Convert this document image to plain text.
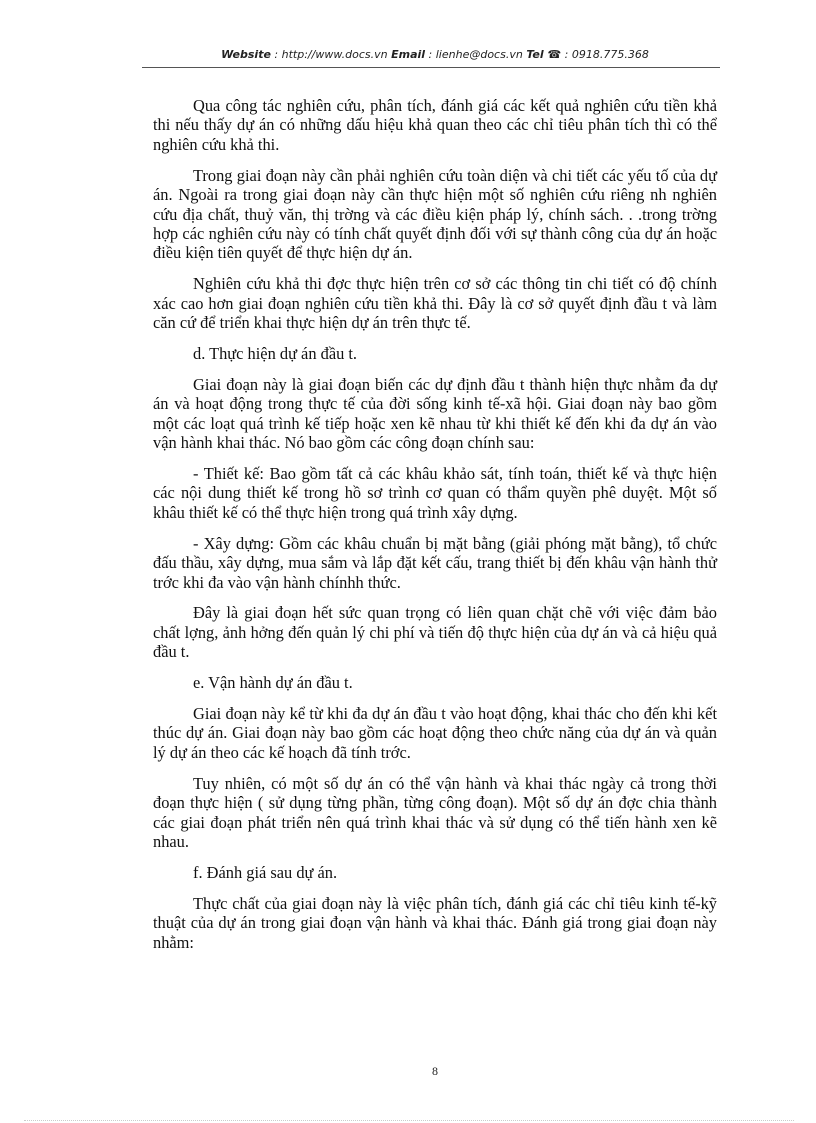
Website : http://www.docs.vn Email : lienhe@docs.vn Tel ☎ : 0918.775.368

Qua công tác nghiên cứu, phân tích, đánh giá các kết quả nghiên cứu tiền khả thi nếu thấy dự án có những dấu hiệu khả quan theo các chỉ tiêu phân tích thì có thể nghiên cứu khả thi.

Trong giai đoạn này cần phải nghiên cứu toàn diện và chi tiết các yếu tố của dự án. Ngoài ra trong giai đoạn này cần thực hiện một số nghiên cứu riêng nh nghiên cứu địa chất, thuỷ văn, thị trờng và các điều kiện pháp lý, chính sách. . .trong trờng hợp các nghiên cứu này có tính chất quyết định đối với sự thành công của dự án hoặc điều kiện tiên quyết để thực hiện dự án.

Nghiên cứu khả thi đợc thực hiện trên cơ sở các thông tin chi tiết có độ chính xác cao hơn giai đoạn nghiên cứu tiền khả thi. Đây là cơ sở quyết định đầu t và làm căn cứ để triển khai thực hiện dự án trên thực tế.

d. Thực hiện dự án đầu t.

Giai đoạn này là giai đoạn biến các dự định đầu t thành hiện thực nhằm đa dự án và hoạt động trong thực tế của đời sống kinh tế-xã hội. Giai đoạn này bao gồm một các loạt quá trình kế tiếp hoặc xen kẽ nhau từ khi thiết kế đến khi đa dự án vào vận hành khai thác. Nó bao gồm các công đoạn chính sau:

- Thiết kế: Bao gồm tất cả các khâu khảo sát, tính toán, thiết kế và thực hiện các nội dung thiết kế trong hồ sơ trình cơ quan có thẩm quyền phê duyệt. Một số khâu thiết kế có thể thực hiện trong quá trình xây dựng.

- Xây dựng: Gồm các khâu chuẩn bị mặt bằng (giải phóng mặt bằng), tổ chức đấu thầu, xây dựng, mua sắm và lắp đặt kết cấu, trang thiết bị đến khâu vận hành thử trớc khi đa vào vận hành chínhh thức.

Đây là giai đoạn hết sức quan trọng có liên quan chặt chẽ với việc đảm bảo chất lợng, ảnh hởng đến quản lý chi phí và tiến độ thực hiện của dự án và cả hiệu quả đầu t.

e. Vận hành dự án đầu t.

Giai đoạn này kể từ khi đa dự án đầu t vào hoạt động, khai thác cho đến khi kết thúc dự án. Giai đoạn này bao gồm các hoạt động theo chức năng của dự án và quản lý dự án theo các kế hoạch đã tính trớc.

Tuy nhiên, có một số dự án có thể vận hành và khai thác ngày cả trong thời đoạn thực hiện ( sử dụng từng phần, từng công đoạn). Một số dự án đợc chia thành các giai đoạn phát triển nên quá trình khai thác và sử dụng có thể tiến hành xen kẽ nhau.

f. Đánh giá sau dự án.

Thực chất của giai đoạn này là việc phân tích, đánh giá các chỉ tiêu kinh tế-kỹ thuật của dự án trong giai đoạn vận hành và khai thác. Đánh giá trong giai đoạn này nhằm:

8
